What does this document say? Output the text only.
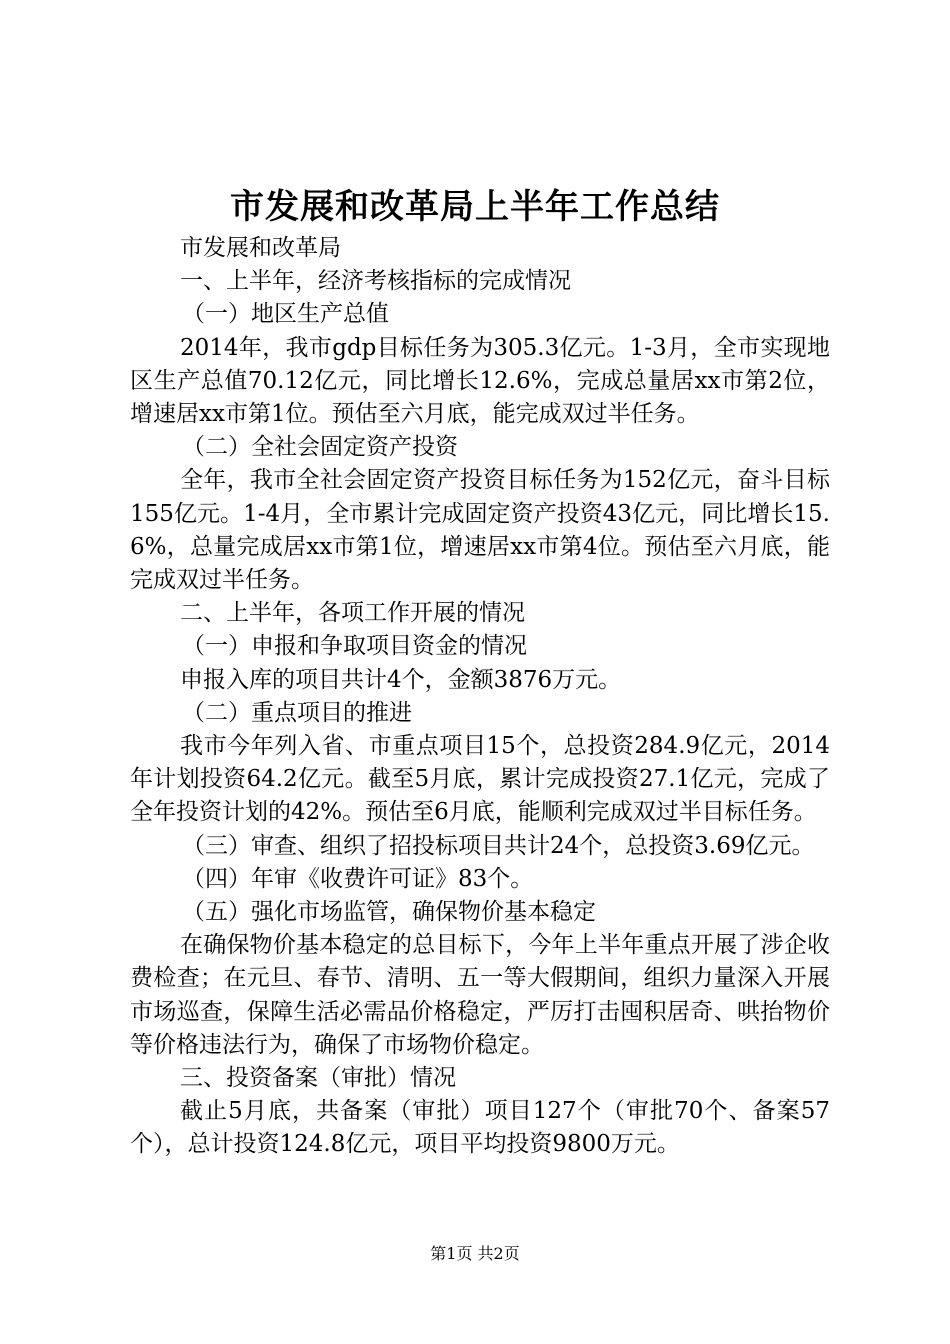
市发展和改革局上半年工作总结

市发展和改革局

一、上半年，经济考核指标的完成情况

（一）地区生产总值

2014年，我市gdp目标任务为305.3亿元。1-3月，全市实现地区生产总值70.12亿元，同比增长12.6%，完成总量居xx市第2位，增速居xx市第1位。预估至六月底，能完成双过半任务。

（二）全社会固定资产投资

全年，我市全社会固定资产投资目标任务为152亿元，奋斗目标155亿元。1-4月，全市累计完成固定资产投资43亿元，同比增长15.6%，总量完成居xx市第1位，增速居xx市第4位。预估至六月底，能完成双过半任务。

二、上半年，各项工作开展的情况

（一）申报和争取项目资金的情况

申报入库的项目共计4个，金额3876万元。

（二）重点项目的推进

我市今年列入省、市重点项目15个，总投资284.9亿元，2014年计划投资64.2亿元。截至5月底，累计完成投资27.1亿元，完成了全年投资计划的42%。预估至6月底，能顺利完成双过半目标任务。

（三）审查、组织了招投标项目共计24个，总投资3.69亿元。

（四）年审《收费许可证》83个。

（五）强化市场监管，确保物价基本稳定

在确保物价基本稳定的总目标下，今年上半年重点开展了涉企收费检查；在元旦、春节、清明、五一等大假期间，组织力量深入开展市场巡查，保障生活必需品价格稳定，严厉打击囤积居奇、哄抬物价等价格违法行为，确保了市场物价稳定。

三、投资备案（审批）情况

截止5月底，共备案（审批）项目127个（审批70个、备案57个），总计投资124.8亿元，项目平均投资9800万元。

第1页 共2页
